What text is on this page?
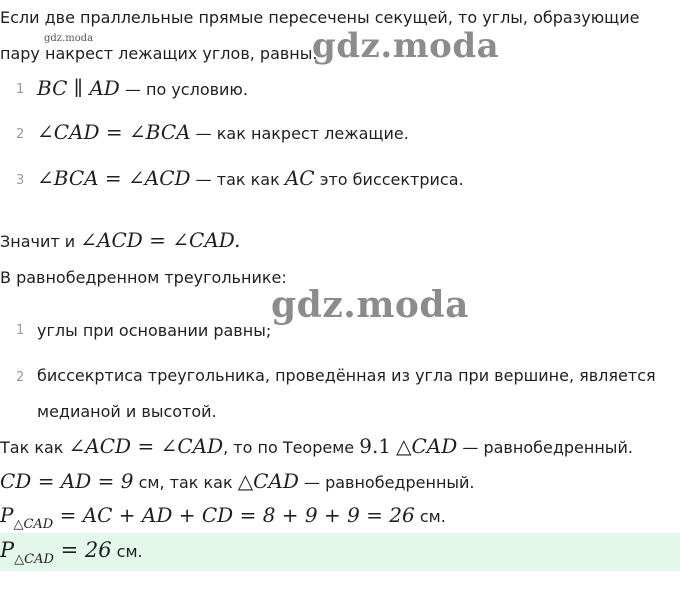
Если две праллельные прямые пересечены секущей, то углы, образующие
пару накрест лежащих углов, равны.
gdz.moda	gdz.moda
1 BC ∥ AD — по условию.
2 ∠CAD = ∠BCA — как накрест лежащие.
3 ∠BCA = ∠ACD — так как AC это биссектриса.
Значит и ∠ACD = ∠CAD.
В равнобедренном треугольнике:
gdz.moda
1 углы при основании равны;
2 биссекртиса треугольника, проведённая из угла при вершине, является
медианой и высотой.
Так как ∠ACD = ∠CAD, то по Теореме 9.1 △CAD — равнобедренный.
CD = AD = 9 см, так как △CAD — равнобедренный.
$P_{\triangle CAD}$ = AC + AD + CD = 8 + 9 + 9 = 26 см.
$P_{\triangle CAD} = 26$ см.
